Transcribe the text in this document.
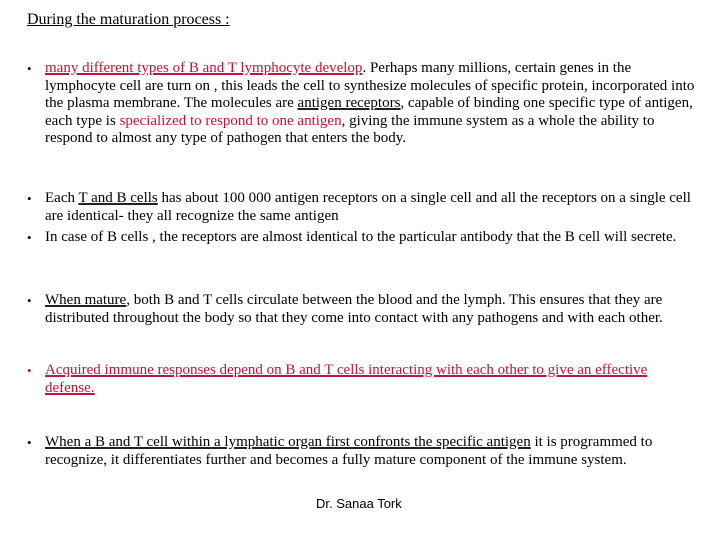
During the maturation process :
• many different types of B and T lymphocyte develop. Perhaps many millions, certain genes in the lymphocyte cell are turn on , this leads the cell to synthesize molecules of specific protein, incorporated into the plasma membrane. The molecules are antigen receptors, capable of binding one specific type of antigen, each type is specialized to respond to one antigen, giving the immune system as a whole the ability to respond to almost any type of pathogen that enters the body.
• Each T and B cells has about 100 000 antigen receptors on a single cell and all the receptors on a single cell are identical- they all recognize the same antigen
• In case of B cells , the receptors are almost identical to the particular antibody that the B cell will secrete.
• When mature, both B and T cells circulate between the blood and the lymph. This ensures that they are distributed throughout the body so that they come into contact with any pathogens and with each other.
• Acquired immune responses depend on B and T cells interacting with each other to give an effective defense.
• When a B and T cell within a lymphatic organ first confronts the specific antigen it is programmed to recognize, it differentiates further and becomes a fully mature component of the immune system.
Dr. Sanaa Tork
